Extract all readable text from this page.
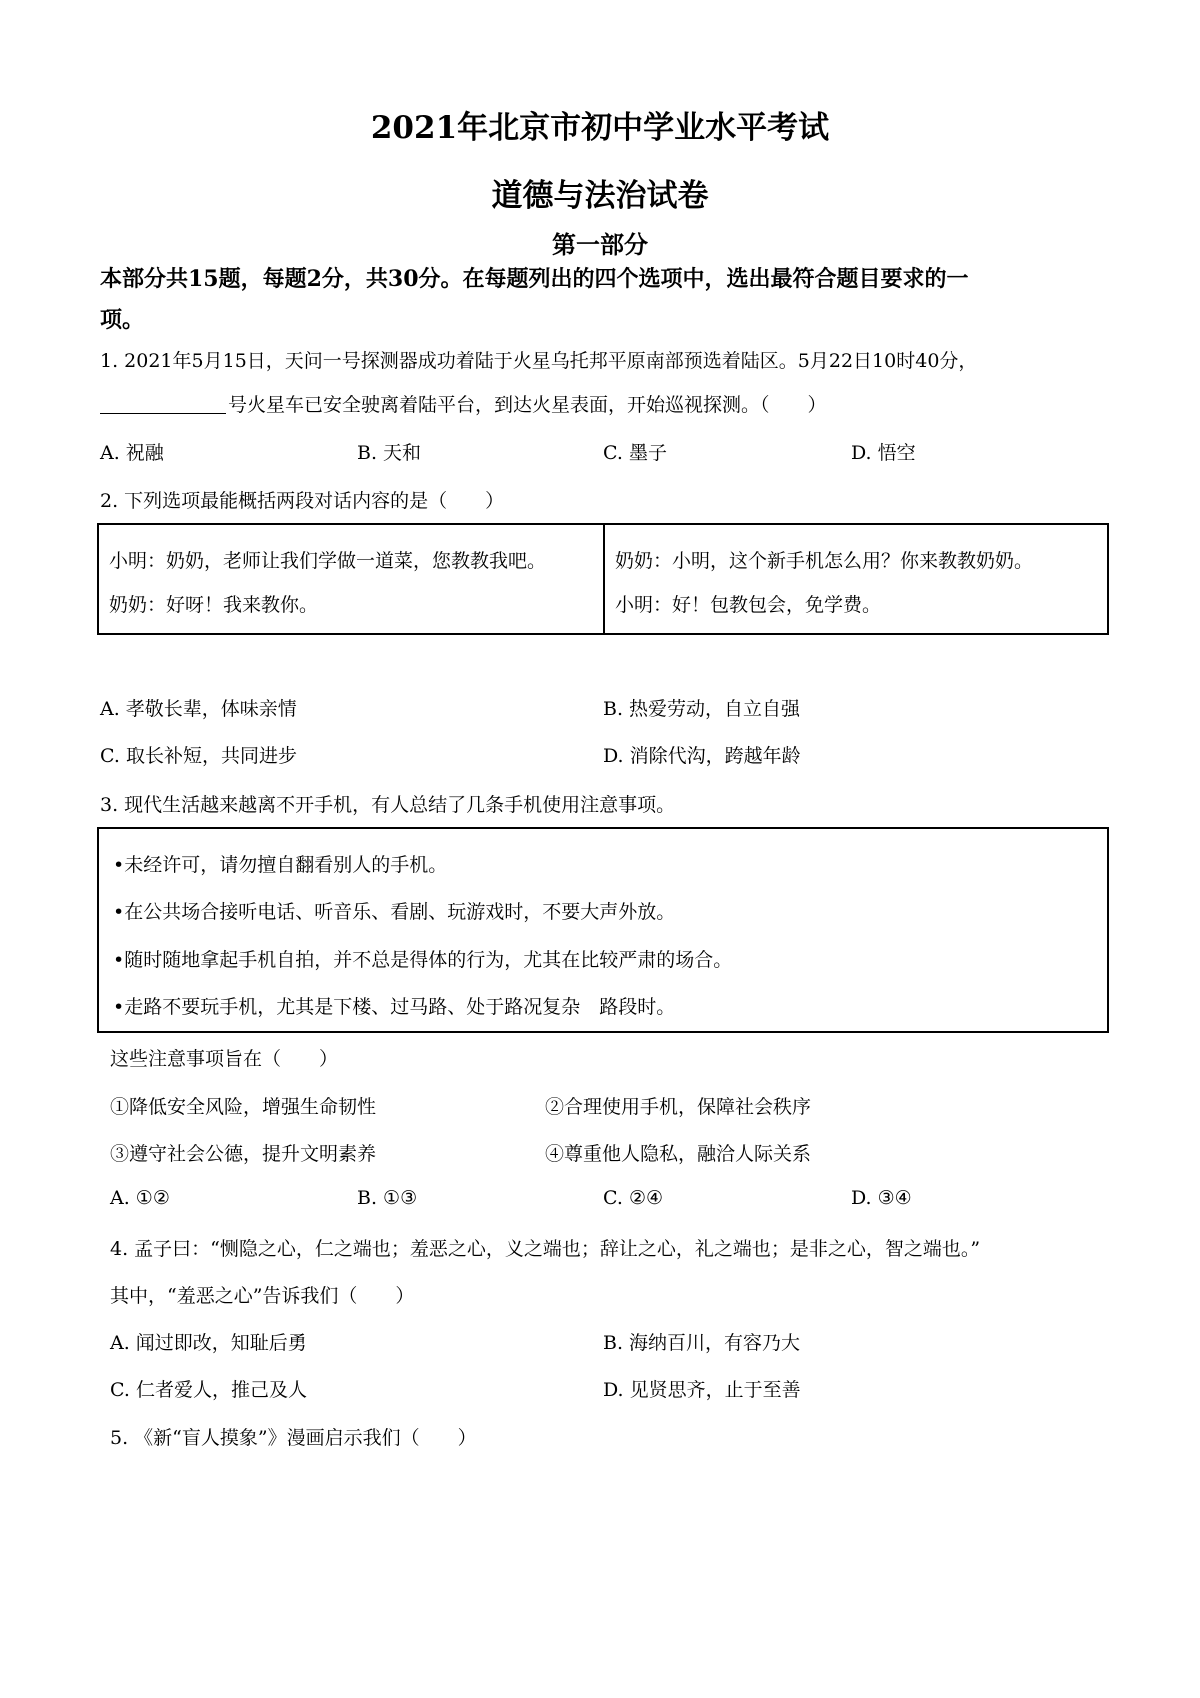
2021年北京市初中学业水平考试
道德与法治试卷
第一部分
本部分共15题，每题2分，共30分。在每题列出的四个选项中，选出最符合题目要求的一
项。
1. 2021年5月15日，天问一号探测器成功着陆于火星乌托邦平原南部预选着陆区。5月22日10时40分，
号火星车已安全驶离着陆平台，到达火星表面，开始巡视探测。（　　）
A. 祝融	B. 天和	C. 墨子	D. 悟空
2. 下列选项最能概括两段对话内容的是（　　）
小明：奶奶，老师让我们学做一道菜，您教教我吧。
奶奶：好呀！我来教你。
奶奶：小明，这个新手机怎么用？你来教教奶奶。
小明：好！包教包会，免学费。
A. 孝敬长辈，体味亲情	B. 热爱劳动，自立自强
C. 取长补短，共同进步	D. 消除代沟，跨越年龄
3. 现代生活越来越离不开手机，有人总结了几条手机使用注意事项。
•未经许可，请勿擅自翻看别人的手机。
•在公共场合接听电话、听音乐、看剧、玩游戏时，不要大声外放。
•随时随地拿起手机自拍，并不总是得体的行为，尤其在比较严肃的场合。
•走路不要玩手机，尤其是下楼、过马路、处于路况复杂　路段时。
这些注意事项旨在（　　）
①降低安全风险，增强生命韧性	②合理使用手机，保障社会秩序
③遵守社会公德，提升文明素养	④尊重他人隐私，融洽人际关系
A. ①②	B. ①③	C. ②④	D. ③④
4. 孟子曰：“恻隐之心，仁之端也；羞恶之心，义之端也；辞让之心，礼之端也；是非之心，智之端也。”
其中，“羞恶之心”告诉我们（　　）
A. 闻过即改，知耻后勇	B. 海纳百川，有容乃大
C. 仁者爱人，推己及人	D. 见贤思齐，止于至善
5. 《新“盲人摸象”》漫画启示我们（　　）
